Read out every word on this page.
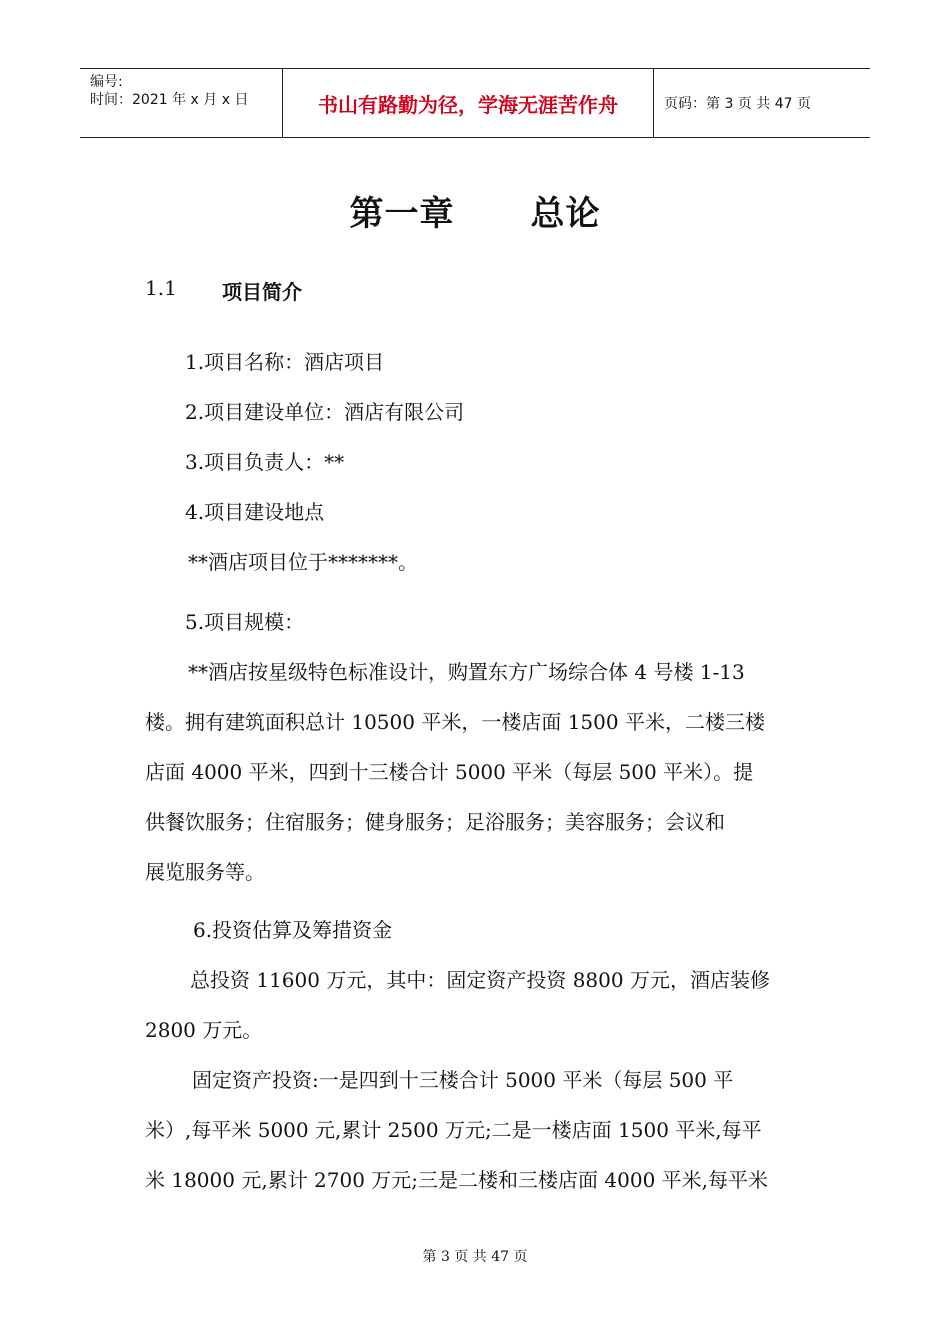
编号:
时间：2021 年 x 月 x 日	书山有路勤为径，学海无涯苦作舟	页码：第 3 页 共 47 页
第一章 总论
1.1 项目简介
1.项目名称：酒店项目
2.项目建设单位：酒店有限公司
3.项目负责人：**
4.项目建设地点
**酒店项目位于*******。
5.项目规模：
**酒店按星级特色标准设计，购置东方广场综合体 4 号楼 1-13
楼。拥有建筑面积总计 10500 平米，一楼店面 1500 平米，二楼三楼
店面 4000 平米，四到十三楼合计 5000 平米（每层 500 平米）。提
供餐饮服务；住宿服务；健身服务；足浴服务；美容服务；会议和
展览服务等。
6.投资估算及筹措资金
总投资 11600 万元，其中：固定资产投资 8800 万元，酒店装修
2800 万元。
固定资产投资:一是四到十三楼合计 5000 平米（每层 500 平
米）,每平米 5000 元,累计 2500 万元;二是一楼店面 1500 平米,每平
米 18000 元,累计 2700 万元;三是二楼和三楼店面 4000 平米,每平米
第 3 页 共 47 页
